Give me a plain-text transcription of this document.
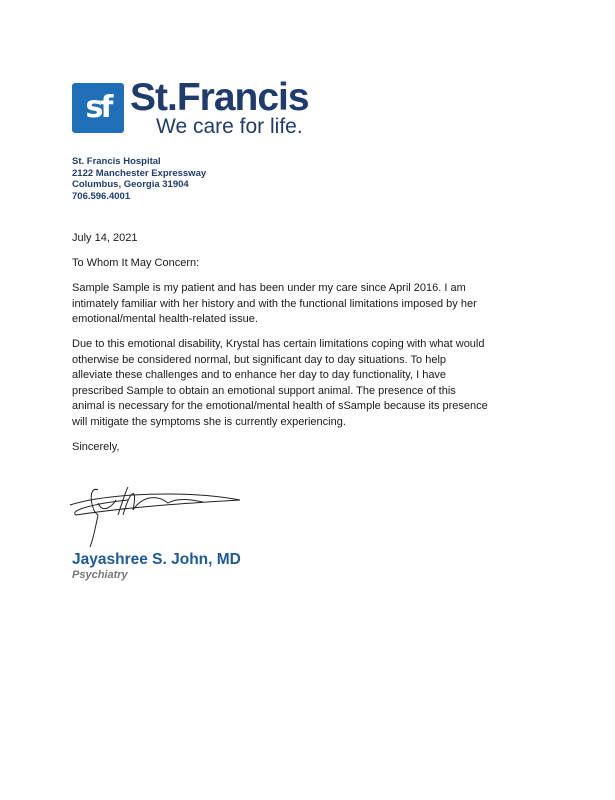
sf St.Francis
We care for life.
St. Francis Hospital
2122 Manchester Expressway
Columbus, Georgia 31904
706.596.4001

July 14, 2021

To Whom It May Concern:

Sample Sample is my patient and has been under my care since April 2016. I am
intimately familiar with her history and with the functional limitations imposed by her
emotional/mental health-related issue.

Due to this emotional disability, Krystal has certain limitations coping with what would
otherwise be considered normal, but significant day to day situations. To help
alleviate these challenges and to enhance her day to day functionality, I have
prescribed Sample to obtain an emotional support animal. The presence of this
animal is necessary for the emotional/mental health of sSample because its presence
will mitigate the symptoms she is currently experiencing.

Sincerely,

Jayashree S. John, MD
Psychiatry
